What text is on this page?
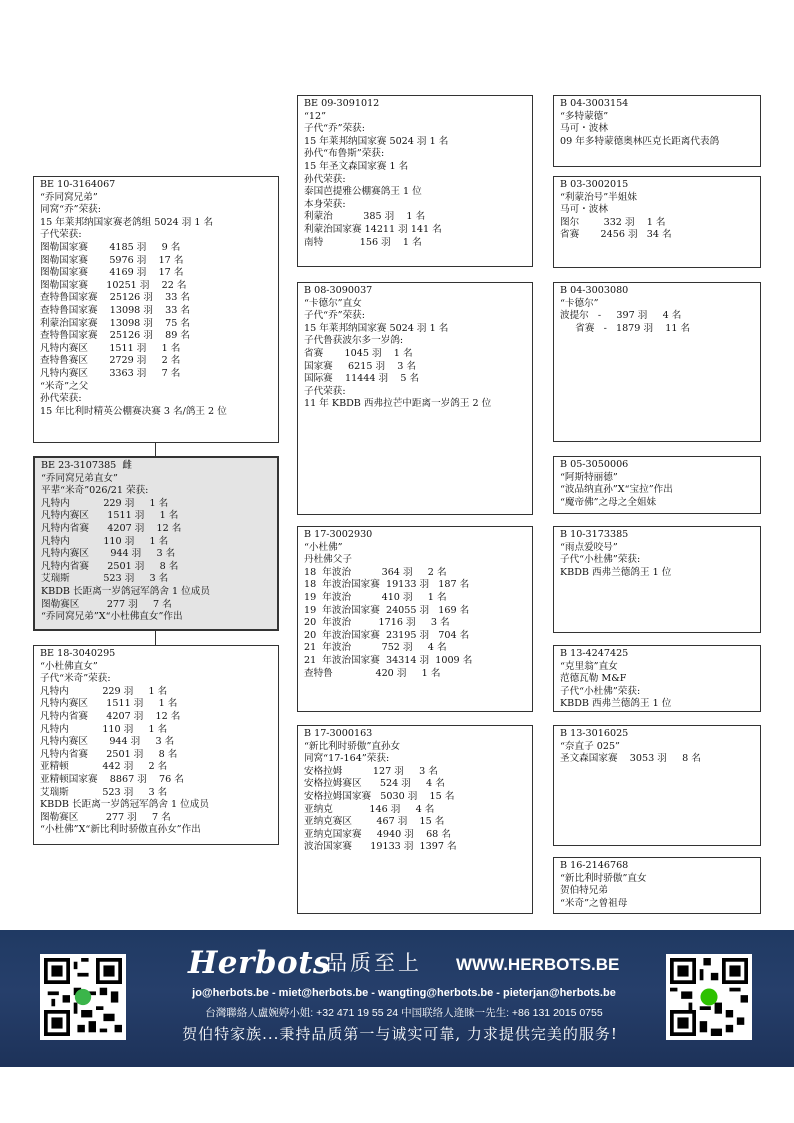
BE 10-3164067
“乔同窝兄弟”
同窝“乔”荣获:
15 年莱邦纳国家赛老鸽组 5024 羽 1 名
子代荣获:
图勒国家赛       4185 羽     9 名
图勒国家赛       5976 羽    17 名
图勒国家赛       4169 羽    17 名
图勒国家赛      10251 羽    22 名
查特鲁国家赛    25126 羽    33 名
查特鲁国家赛    13098 羽    33 名
利蒙治国家赛    13098 羽    75 名
查特鲁国家赛    25126 羽    89 名
凡特内赛区       1511 羽     1 名
查特鲁赛区       2729 羽     2 名
凡特内赛区       3363 羽     7 名
“米奇”之父
孙代荣获:
15 年比利时精英公棚赛决赛 3 名/鸽王 2 位
BE 23-3107385  雌
“乔同窝兄弟直女”
平辈“米奇”026/21 荣获:
凡特内           229 羽     1 名
凡特内赛区      1511 羽     1 名
凡特内省赛      4207 羽    12 名
凡特内           110 羽     1 名
凡特内赛区       944 羽     3 名
凡特内省赛      2501 羽     8 名
艾瑞斯           523 羽     3 名
KBDB 长距离一岁鸽冠军鸽舍 1 位成员
图勒赛区         277 羽     7 名
“乔同窝兄弟”X“小杜佛直女”作出
BE 18-3040295
“小杜佛直女”
子代“米奇”荣获:
凡特内           229 羽     1 名
凡特内赛区      1511 羽     1 名
凡特内省赛      4207 羽    12 名
凡特内           110 羽     1 名
凡特内赛区       944 羽     3 名
凡特内省赛      2501 羽     8 名
亚精顿           442 羽     2 名
亚精顿国家赛    8867 羽    76 名
艾瑞斯           523 羽     3 名
KBDB 长距离一岁鸽冠军鸽舍 1 位成员
图勒赛区         277 羽     7 名
“小杜佛”X“新比利时骄傲直孙女”作出
BE 09-3091012
“12”
子代“乔”荣获:
15 年莱邦纳国家赛 5024 羽 1 名
孙代“布鲁斯”荣获:
15 年圣文森国家赛 1 名
孙代荣获:
泰国芭提雅公棚赛鸽王 1 位
本身荣获:
利蒙治          385 羽    1 名
利蒙治国家赛 14211 羽 141 名
南特            156 羽    1 名
B 08-3090037
“卡德尔”直女
子代“乔”荣获:
15 年莱邦纳国家赛 5024 羽 1 名
子代鲁获波尔多一岁鸽:
省赛       1045 羽    1 名
国家赛     6215 羽    3 名
国际赛    11444 羽    5 名
子代荣获:
11 年 KBDB 西弗拉芒中距离一岁鸽王 2 位
B 17-3002930
“小杜佛”
丹杜佛父子
18  年波治          364 羽     2 名
18  年波治国家赛  19133 羽   187 名
19  年波治          410 羽     1 名
19  年波治国家赛  24055 羽   169 名
20  年波治         1716 羽     3 名
20  年波治国家赛  23195 羽   704 名
21  年波治          752 羽     4 名
21  年波治国家赛  34314 羽  1009 名
查特鲁              420 羽     1 名
B 17-3000163
“新比利时骄傲”直孙女
同窝“17-164”荣获:
安格拉姆          127 羽     3 名
安格拉姆赛区      524 羽     4 名
安格拉姆国家赛   5030 羽    15 名
亚纳克            146 羽     4 名
亚纳克赛区        467 羽    15 名
亚纳克国家赛     4940 羽    68 名
波治国家赛      19133 羽  1397 名
B 04-3003154
“多特蒙德”
马可・波林
09 年多特蒙德奥林匹克长距离代表鸽
B 03-3002015
“利蒙治号”半姐妹
马可・波林
图尔        332 羽    1 名
省赛       2456 羽   34 名
B 04-3003080
“卡德尔”
波提尔   -     397 羽     4 名
省赛   -   1879 羽    11 名
B 05-3050006
“阿斯特丽德”
“波品纳直孙”X“宝拉”作出
“魔帝佛”之母之全姐妹
B 10-3173385
“雨点爱咬号”
子代“小杜佛”荣获:
KBDB 西弗兰德鸽王 1 位
B 13-4247425
“克里翁”直女
范德瓦勒 M&F
子代“小杜佛”荣获:
KBDB 西弗兰德鸽王 1 位
B 13-3016025
“奈直子 025”
圣文森国家赛    3053 羽     8 名
B 16-2146768
“新比利时骄傲”直女
贺伯特兄弟
“米奇”之曾祖母
Herbots
品质至上 WWW.HERBOTS.BE
jo@herbots.be - miet@herbots.be - wangting@herbots.be - pieterjan@herbots.be
台灣聯絡人盧婉婷小姐: +32 471 19 55 24 中国联络人逄睐一先生: +86 131 2015 0755
贺伯特家族...秉持品质第一与诚实可靠, 力求提供完美的服务!
